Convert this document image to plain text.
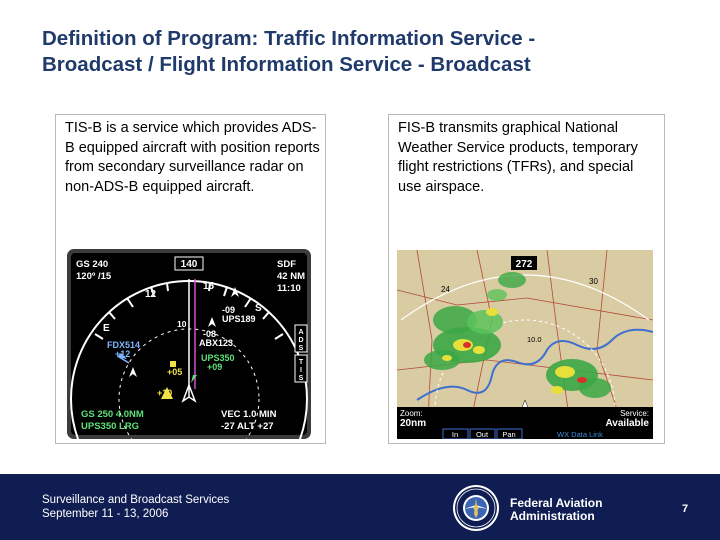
Definition of Program: Traffic Information Service -
Broadcast / Flight Information Service - Broadcast
TIS-B is a service which provides ADS-B equipped aircraft with position reports from secondary surveillance radar on non-ADS-B equipped aircraft.
140
GS 240
120º /15
SDF
42 NM
11:10
12
15
E
S
10
-09
UPS189
-08
ABX123
FDX514
+12	UPS350
+09
+05
+10
A
D
S
T
I
S
GS 250 4.0NM
UPS350 LRG
VEC 1.0 MIN
-27 ALT +27
FIS-B transmits graphical National Weather Service products, temporary flight restrictions (TFRs), and special use airspace.
272
24
30
10.0
Zoom:
20nm
Service:
Available
In Out Pan	WX Data Link
Surveillance and Broadcast Services
September 11 - 13, 2006
Federal Aviation
Administration	7
